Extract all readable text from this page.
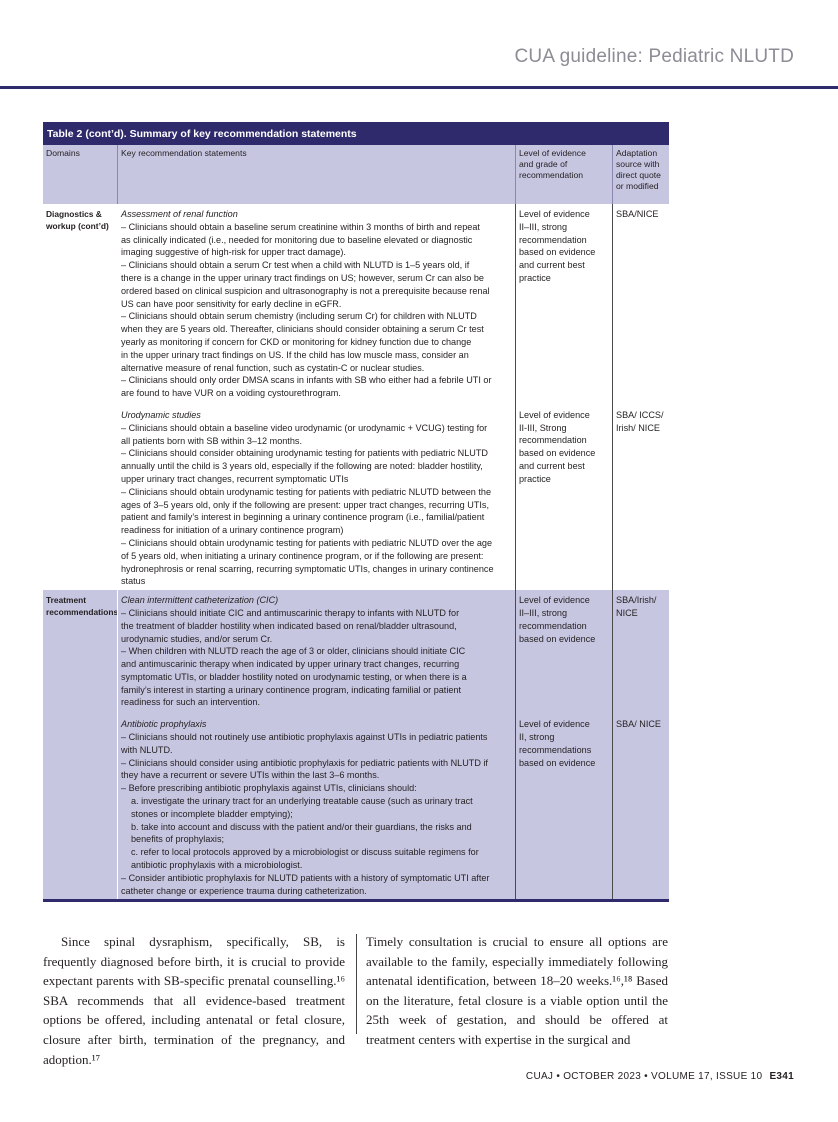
CUA guideline: Pediatric NLUTD
Table 2 (cont’d). Summary of key recommendation statements
Domains	Key recommendation statements	Level of evidence
and grade of
recommendation
Adaptation
source with
direct quote
or modified
Diagnostics &
workup (cont’d)
Assessment of renal function
– Clinicians should obtain a baseline serum creatinine within 3 months of birth and repeat
as clinically indicated (i.e., needed for monitoring due to baseline elevated or diagnostic
imaging suggestive of high-risk for upper tract damage).
– Clinicians should obtain a serum Cr test when a child with NLUTD is 1–5 years old, if
there is a change in the upper urinary tract findings on US; however, serum Cr can also be
ordered based on clinical suspicion and ultrasonography is not a prerequisite because renal
US can have poor sensitivity for early decline in eGFR.
– Clinicians should obtain serum chemistry (including serum Cr) for children with NLUTD
when they are 5 years old. Thereafter, clinicians should consider obtaining a serum Cr test
yearly as monitoring if concern for CKD or monitoring for kidney function due to change
in the upper urinary tract findings on US. If the child has low muscle mass, consider an
alternative measure of renal function, such as cystatin-C or nuclear studies.
– Clinicians should only order DMSA scans in infants with SB who either had a febrile UTI or
are found to have VUR on a voiding cystourethrogram.
Urodynamic studies
– Clinicians should obtain a baseline video urodynamic (or urodynamic + VCUG) testing for
all patients born with SB within 3–12 months.
– Clinicians should consider obtaining urodynamic testing for patients with pediatric NLUTD
annually until the child is 3 years old, especially if the following are noted: bladder hostility,
upper urinary tract changes, recurrent symptomatic UTIs
– Clinicians should obtain urodynamic testing for patients with pediatric NLUTD between the
ages of 3–5 years old, only if the following are present: upper tract changes, recurring UTIs,
patient and family’s interest in beginning a urinary continence program (i.e., familial/patient
readiness for initiation of a urinary continence program)
– Clinicians should obtain urodynamic testing for patients with pediatric NLUTD over the age
of 5 years old, when initiating a urinary continence program, or if the following are present:
hydronephrosis or renal scarring, recurring symptomatic UTIs, changes in urinary continence
status
Level of evidence
II–III, strong
recommendation
based on evidence
and current best
practice
Level of evidence
II-III, Strong
recommendation
based on evidence
and current best
practice
SBA/NICE
SBA/ ICCS/
Irish/ NICE
Treatment
recommendations
Clean intermittent catheterization (CIC)
– Clinicians should initiate CIC and antimuscarinic therapy to infants with NLUTD for
the treatment of bladder hostility when indicated based on renal/bladder ultrasound,
urodynamic studies, and/or serum Cr.
– When children with NLUTD reach the age of 3 or older, clinicians should initiate CIC
and antimuscarinic therapy when indicated by upper urinary tract changes, recurring
symptomatic UTIs, or bladder hostility noted on urodynamic testing, or when there is a
family’s interest in starting a urinary continence program, indicating familial or patient
readiness for such an intervention.
Antibiotic prophylaxis
– Clinicians should not routinely use antibiotic prophylaxis against UTIs in pediatric patients
with NLUTD.
– Clinicians should consider using antibiotic prophylaxis for pediatric patients with NLUTD if
they have a recurrent or severe UTIs within the last 3–6 months.
– Before prescribing antibiotic prophylaxis against UTIs, clinicians should:
a. investigate the urinary tract for an underlying treatable cause (such as urinary tract
stones or incomplete bladder emptying);
b. take into account and discuss with the patient and/or their guardians, the risks and
benefits of prophylaxis;
c. refer to local protocols approved by a microbiologist or discuss suitable regimens for
antibiotic prophylaxis with a microbiologist.
– Consider antibiotic prophylaxis for NLUTD patients with a history of symptomatic UTI after
catheter change or experience trauma during catheterization.
Level of evidence
II–III, strong
recommendation
based on evidence
Level of evidence
II, strong
recommendations
based on evidence
SBA/Irish/
NICE
SBA/ NICE
Since spinal dysraphism, specifically, SB, is frequently diagnosed before birth, it is crucial to provide expectant parents with SB-specific prenatal counselling.¹⁶ SBA recommends that all evidence-based treatment options be offered, including antenatal or fetal closure, closure after birth, termination of the pregnancy, and adoption.¹⁷
Timely consultation is crucial to ensure all options are available to the family, especially immediately following antenatal identification, between 18–20 weeks.¹⁶,¹⁸ Based on the literature, fetal closure is a viable option until the 25th week of gestation, and should be offered at treatment centers with expertise in the surgical and
CUAJ • OCTOBER 2023 • VOLUME 17, ISSUE 10 E341
